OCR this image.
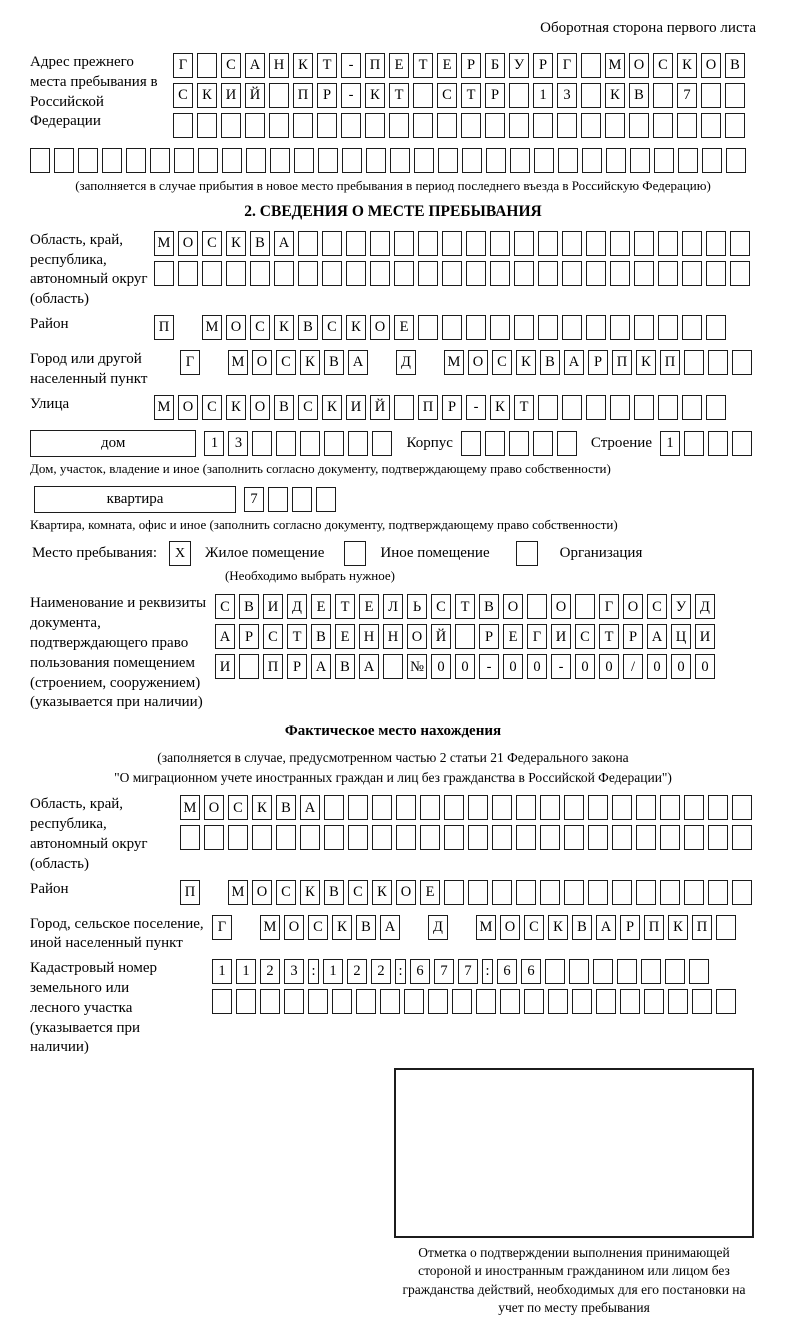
Оборотная сторона первого листа
Адрес прежнего места пребывания в Российской Федерации
Г	С А Н К	Т	-	П Е	Т	Е	Р	Б	У	Р	Г	М О С К О В
С К И Й	П	Р	-	К	Т	С	Т	Р	1	3	К В	7
(заполняется в случае прибытия в новое место пребывания в период последнего въезда в Российскую Федерацию)
2. СВЕДЕНИЯ О МЕСТЕ ПРЕБЫВАНИЯ
Область, край, республика, автономный округ (область)
М О С К В А
Район	П	М О С К В С К О Е
Город или другой населенный пункт
Г	М О С К В А	Д	М О С К В А	Р	П К П
Улица	М О С К О В С К И Й	П	Р	-	К	Т
дом	1	3	Корпус	Строение 1
Дом, участок, владение и иное (заполнить согласно документу, подтверждающему право собственности)
квартира	7
Квартира, комната, офис и иное (заполнить согласно документу, подтверждающему право собственности)
Место пребывания:	X	Жилое помещение	Иное помещение	Организация
(Необходимо выбрать нужное)
Наименование и реквизиты документа, подтверждающего право пользования помещением (строением, сооружением) (указывается при наличии)
С В И Д	Е	Т	Е	Л	Ь	С	Т	В О	О	Г	О С У Д
А	Р	С	Т	В	Е Н Н О Й	Р	Е	Г	И С	Т	Р	А Ц И
И	П	Р	А В А	№ 0	0	-	0	0	-	0	0	/	0	0	0
Фактическое место нахождения
(заполняется в случае, предусмотренном частью 2 статьи 21 Федерального закона
"О миграционном учете иностранных граждан и лиц без гражданства в Российской Федерации")
Область, край, республика, автономный округ (область)
М О С К В А
Район	П	М О С К В С К О Е
Город, сельское поселение, иной населенный пункт
Г	М О С К В А	Д	М О С К В А	Р	П К П
Кадастровый номер земельного или лесного участка (указывается при наличии)
1	1	2	3 : 1	2	2 : 6	7	7 : 6	6
Отметка о подтверждении выполнения принимающей стороной и иностранным гражданином или лицом без гражданства действий, необходимых для его постановки на учет по месту пребывания
